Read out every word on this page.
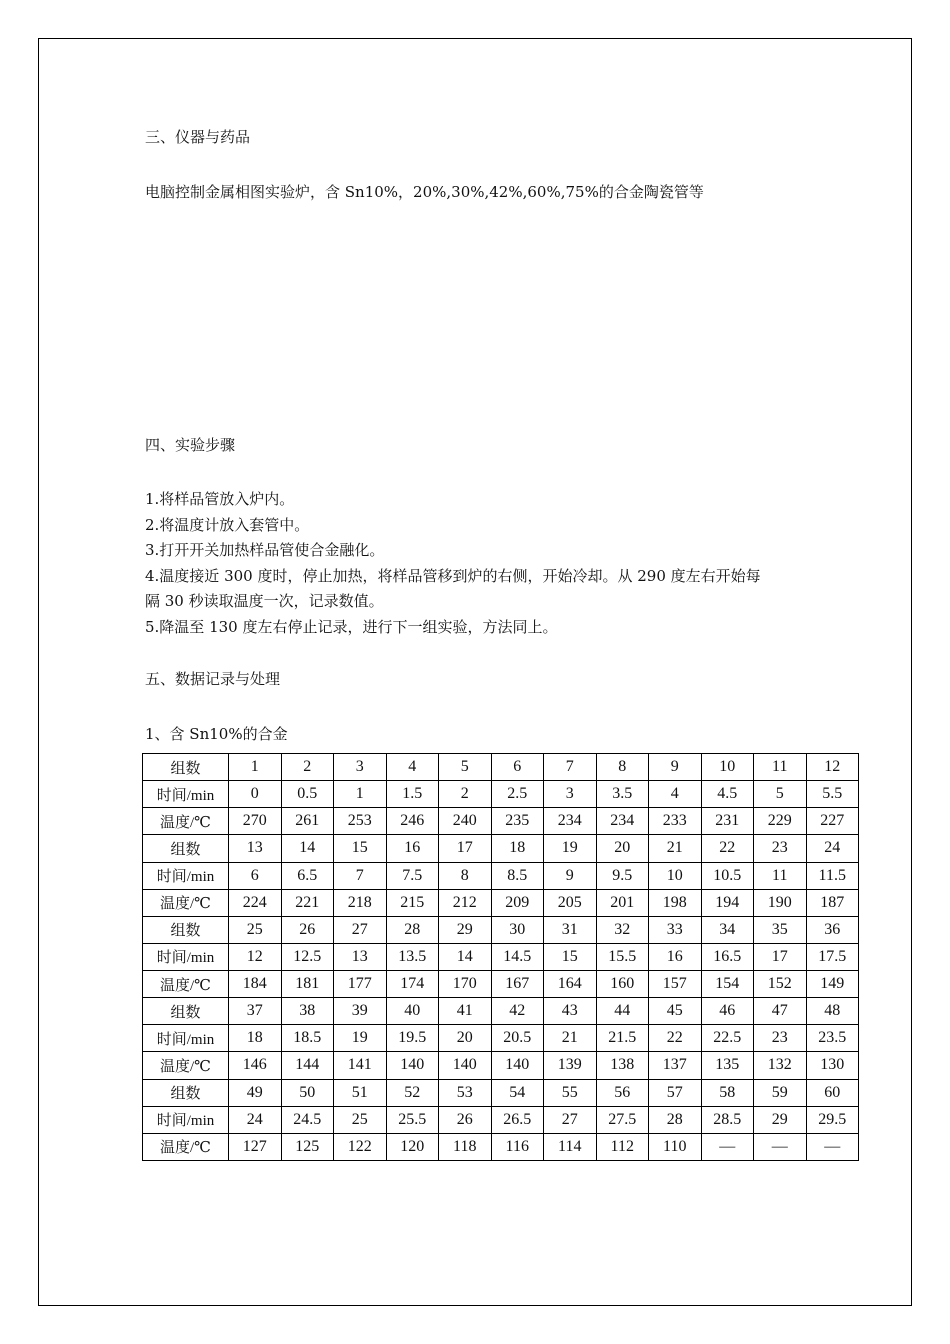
三、仪器与药品
电脑控制金属相图实验炉，含 Sn10%，20%,30%,42%,60%,75%的合金陶瓷管等
四、实验步骤
1.将样品管放入炉内。
2.将温度计放入套管中。
3.打开开关加热样品管使合金融化。
4.温度接近 300 度时，停止加热，将样品管移到炉的右侧，开始冷却。从 290 度左右开始每
隔 30 秒读取温度一次，记录数值。
5.降温至 130 度左右停止记录，进行下一组实验，方法同上。
五、数据记录与处理
1、含 Sn10%的合金
组数	1	2	3	4	5	6	7	8	9	10	11	12
时间/min	0	0.5	1	1.5	2	2.5	3	3.5	4	4.5	5	5.5
温度/℃	270	261	253	246	240	235	234	234	233	231	229	227
组数	13	14	15	16	17	18	19	20	21	22	23	24
时间/min	6	6.5	7	7.5	8	8.5	9	9.5	10	10.5	11	11.5
温度/℃	224	221	218	215	212	209	205	201	198	194	190	187
组数	25	26	27	28	29	30	31	32	33	34	35	36
时间/min	12	12.5	13	13.5	14	14.5	15	15.5	16	16.5	17	17.5
温度/℃	184	181	177	174	170	167	164	160	157	154	152	149
组数	37	38	39	40	41	42	43	44	45	46	47	48
时间/min	18	18.5	19	19.5	20	20.5	21	21.5	22	22.5	23	23.5
温度/℃	146	144	141	140	140	140	139	138	137	135	132	130
组数	49	50	51	52	53	54	55	56	57	58	59	60
时间/min	24	24.5	25	25.5	26	26.5	27	27.5	28	28.5	29	29.5
温度/℃	127	125	122	120	118	116	114	112	110	—	—	—
